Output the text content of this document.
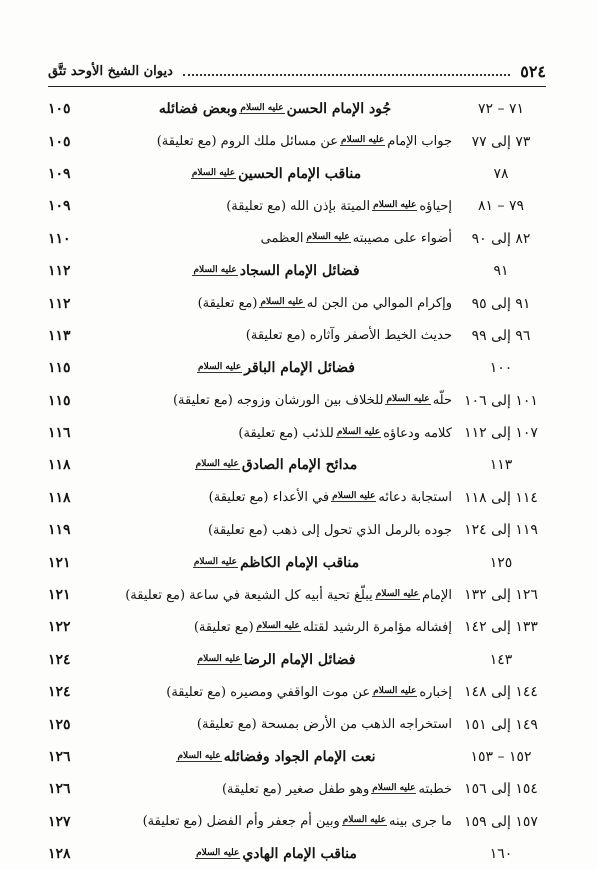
٥٢٤
ديوان الشيخ الأوحد تتَّق
٧١ – ٧٢
جُود الإمام الحسنعليه السلاموبعض فضائله
١٠٥
٧٣ إلى ٧٧
جواب الإمامعليه السلامعن مسائل ملك الروم (مع تعليقة)
١٠٥
٧٨
مناقب الإمام الحسينعليه السلام
١٠٩
٧٩ – ٨١
إحياؤهعليه السلامالميتة بإذن الله (مع تعليقة)
١٠٩
٨٢ إلى ٩٠
أضواء على مصيبتهعليه السلامالعظمى
١١٠
٩١
فضائل الإمام السجادعليه السلام
١١٢
٩١ إلى ٩٥
وإكرام الموالي من الجن لهعليه السلام(مع تعليقة)
١١٢
٩٦ إلى ٩٩
حديث الخيط الأصفر وآثاره (مع تعليقة)
١١٣
١٠٠
فضائل الإمام الباقرعليه السلام
١١٥
١٠١ إلى ١٠٦
حلّهعليه السلامللخلاف بين الورشان وزوجه (مع تعليقة)
١١٥
١٠٧ إلى ١١٢
كلامه ودعاؤهعليه السلامللذئب (مع تعليقة)
١١٦
١١٣
مدائح الإمام الصادقعليه السلام
١١٨
١١٤ إلى ١١٨
استجابة دعائهعليه السلامفي الأعداء (مع تعليقة)
١١٨
١١٩ إلى ١٢٤
جوده بالرمل الذي تحول إلى ذهب (مع تعليقة)
١١٩
١٢٥
مناقب الإمام الكاظمعليه السلام
١٢١
١٢٦ إلى ١٣٢
الإمامعليه السلاميبلّغ تحية أبيه كل الشيعة في ساعة (مع تعليقة)
١٢١
١٣٣ إلى ١٤٢
إفشاله مؤامرة الرشيد لقتلهعليه السلام(مع تعليقة)
١٢٢
١٤٣
فضائل الإمام الرضاعليه السلام
١٢٤
١٤٤ إلى ١٤٨
إخبارهعليه السلامعن موت الواقفي ومصيره (مع تعليقة)
١٢٤
١٤٩ إلى ١٥١
استخراجه الذهب من الأرض بمسحة (مع تعليقة)
١٢٥
١٥٢ – ١٥٣
نعت الإمام الجواد وفضائلهعليه السلام
١٢٦
١٥٤ إلى ١٥٦
خطبتهعليه السلاموهو طفل صغير (مع تعليقة)
١٢٦
١٥٧ إلى ١٥٩
ما جرى بينهعليه السلاموبين أم جعفر وأم الفضل (مع تعليقة)
١٢٧
١٦٠
مناقب الإمام الهاديعليه السلام
١٢٨
